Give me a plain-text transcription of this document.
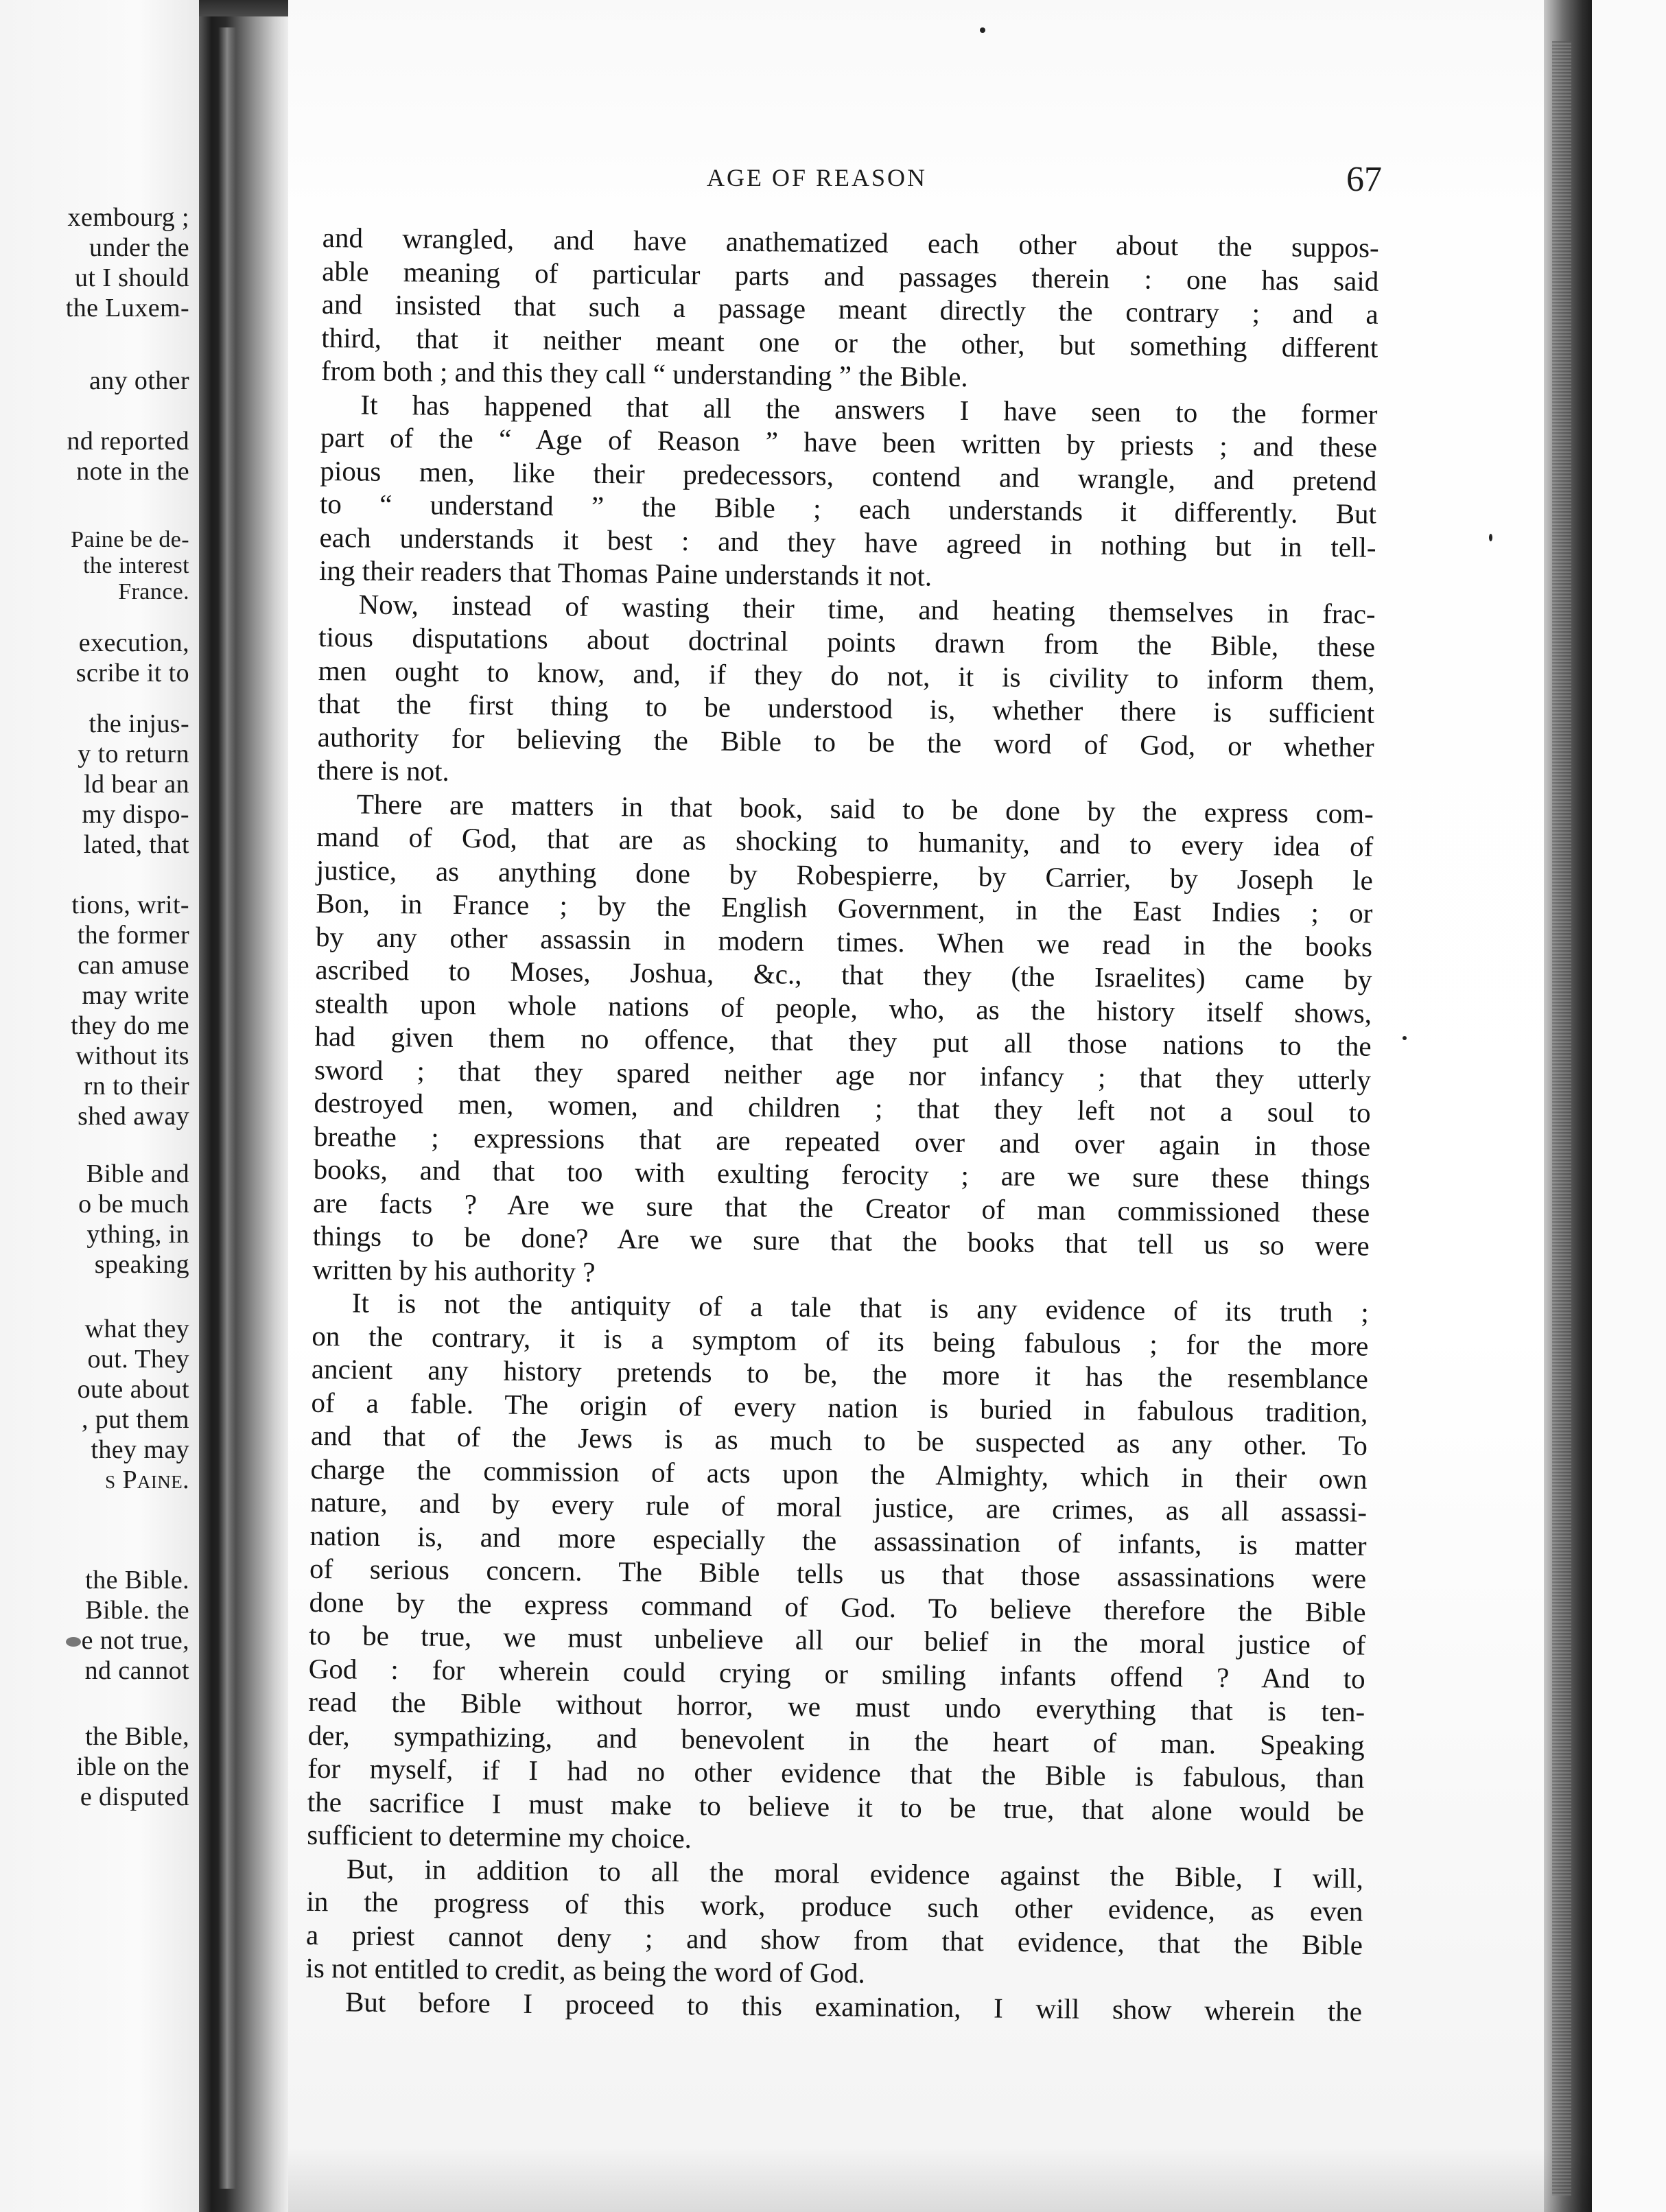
xembourg ;
under the
ut I should
the Luxem-
any other
nd reported
note in the
Paine be de-
the interest
France.
execution,
scribe it to
the injus-
y to return
ld bear an
my dispo-
lated, that
tions, writ-
the former
can amuse
may write
they do me
without its
rn to their
shed away
Bible and
o be much
ything, in
speaking
what they
out. They
oute about
, put them
they may
s Paine.
the Bible.
Bible. the
e not true,
nd cannot
the Bible,
ible on the
e disputed
AGE OF REASON	67
and wrangled, and have anathematized each other about the suppos-
able meaning of particular parts and passages therein : one has said
and insisted that such a passage meant directly the contrary ; and a
third, that it neither meant one or the other, but something different
from both ; and this they call “ understanding ” the Bible.
It has happened that all the answers I have seen to the former
part of the “ Age of Reason ” have been written by priests ; and these
pious men, like their predecessors, contend and wrangle, and pretend
to “ understand ” the Bible ; each understands it differently. But
each understands it best : and they have agreed in nothing but in tell-
ing their readers that Thomas Paine understands it not.
Now, instead of wasting their time, and heating themselves in frac-
tious disputations about doctrinal points drawn from the Bible, these
men ought to know, and, if they do not, it is civility to inform them,
that the first thing to be understood is, whether there is sufficient
authority for believing the Bible to be the word of God, or whether
there is not.
There are matters in that book, said to be done by the express com-
mand of God, that are as shocking to humanity, and to every idea of
justice, as anything done by Robespierre, by Carrier, by Joseph le
Bon, in France ; by the English Government, in the East Indies ; or
by any other assassin in modern times. When we read in the books
ascribed to Moses, Joshua, &c., that they (the Israelites) came by
stealth upon whole nations of people, who, as the history itself shows,
had given them no offence, that they put all those nations to the
sword ; that they spared neither age nor infancy ; that they utterly
destroyed men, women, and children ; that they left not a soul to
breathe ; expressions that are repeated over and over again in those
books, and that too with exulting ferocity ; are we sure these things
are facts ? Are we sure that the Creator of man commissioned these
things to be done? Are we sure that the books that tell us so were
written by his authority ?
It is not the antiquity of a tale that is any evidence of its truth ;
on the contrary, it is a symptom of its being fabulous ; for the more
ancient any history pretends to be, the more it has the resemblance
of a fable. The origin of every nation is buried in fabulous tradition,
and that of the Jews is as much to be suspected as any other. To
charge the commission of acts upon the Almighty, which in their own
nature, and by every rule of moral justice, are crimes, as all assassi-
nation is, and more especially the assassination of infants, is matter
of serious concern. The Bible tells us that those assassinations were
done by the express command of God. To believe therefore the Bible
to be true, we must unbelieve all our belief in the moral justice of
God : for wherein could crying or smiling infants offend ? And to
read the Bible without horror, we must undo everything that is ten-
der, sympathizing, and benevolent in the heart of man. Speaking
for myself, if I had no other evidence that the Bible is fabulous, than
the sacrifice I must make to believe it to be true, that alone would be
sufficient to determine my choice.
But, in addition to all the moral evidence against the Bible, I will,
in the progress of this work, produce such other evidence, as even
a priest cannot deny ; and show from that evidence, that the Bible
is not entitled to credit, as being the word of God.
But before I proceed to this examination, I will show wherein the
